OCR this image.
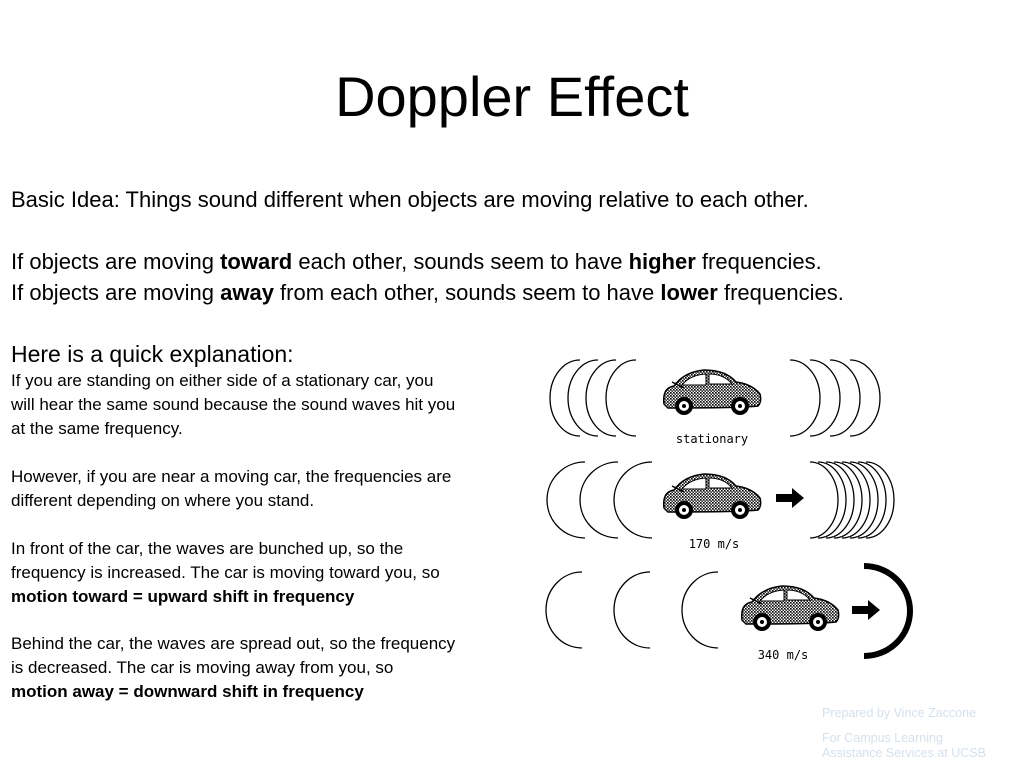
Doppler Effect

Basic Idea: Things sound different when objects are moving relative to each other.

If objects are moving toward each other, sounds seem to have higher frequencies.

If objects are moving away from each other, sounds seem to have lower frequencies.

Here is a quick explanation:

If you are standing on either side of a stationary car, you

will hear the same sound because the sound waves hit you

at the same frequency.

However, if you are near a moving car, the frequencies are

different depending on where you stand.

In front of the car, the waves are bunched up, so the

frequency is increased. The car is moving toward you, so

motion toward = upward shift in frequency

Behind the car, the waves are spread out, so the frequency

is decreased. The car is moving away from you, so

motion away = downward shift in frequency

stationary
170 m/s
340 m/s

Prepared by Vince Zaccone

For Campus Learning

Assistance Services at UCSB
